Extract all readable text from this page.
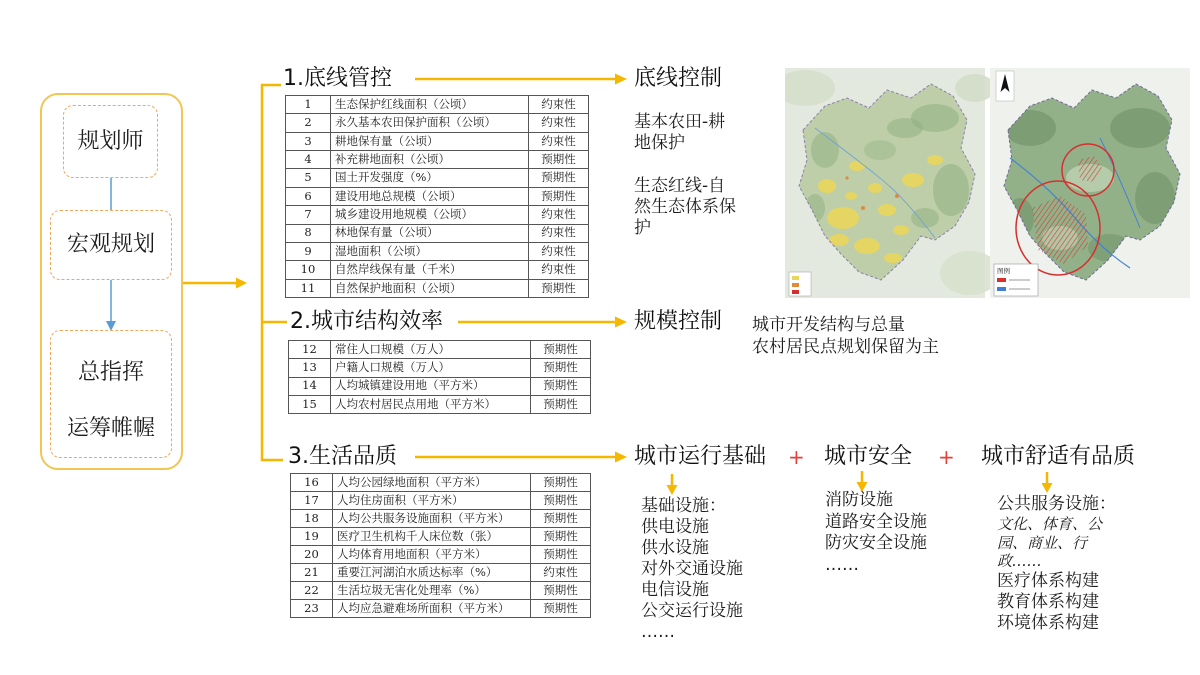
规划师
宏观规划
总指挥
运筹帷幄
1.底线管控	底线控制
基本农田-耕
地保护
生态红线-自
然生态体系保
护
1	生态保护红线面积（公顷）	约束性
2	永久基本农田保护面积（公顷）	约束性
3	耕地保有量（公顷）	约束性
4	补充耕地面积（公顷）	预期性
5	国土开发强度（%）	预期性
6	建设用地总规模（公顷）	预期性
7	城乡建设用地规模（公顷）	约束性
8	林地保有量（公顷）	约束性
9	湿地面积（公顷）	约束性
10	自然岸线保有量（千米）	约束性
11	自然保护地面积（公顷）	预期性
图例
2.城市结构效率	规模控制 城市开发结构与总量
农村居民点规划保留为主
12	常住人口规模（万人）	预期性
13	户籍人口规模（万人）	预期性
14	人均城镇建设用地（平方米）	预期性
15	人均农村居民点用地（平方米）	预期性
3.生活品质	城市运行基础 + 城市安全 + 城市舒适有品质
基础设施：
供电设施
供水设施
对外交通设施
电信设施
公交运行设施
……
消防设施
道路安全设施
防灾安全设施
……
公共服务设施：
文化、体育、公
园、商业、行
政……
医疗体系构建
教育体系构建
环境体系构建
16	人均公园绿地面积（平方米）	预期性
17	人均住房面积（平方米）	预期性
18	人均公共服务设施面积（平方米）	预期性
19	医疗卫生机构千人床位数（张）	预期性
20	人均体育用地面积（平方米）	预期性
21	重要江河湖泊水质达标率（%）	约束性
22	生活垃圾无害化处理率（%）	预期性
23	人均应急避难场所面积（平方米）	预期性
